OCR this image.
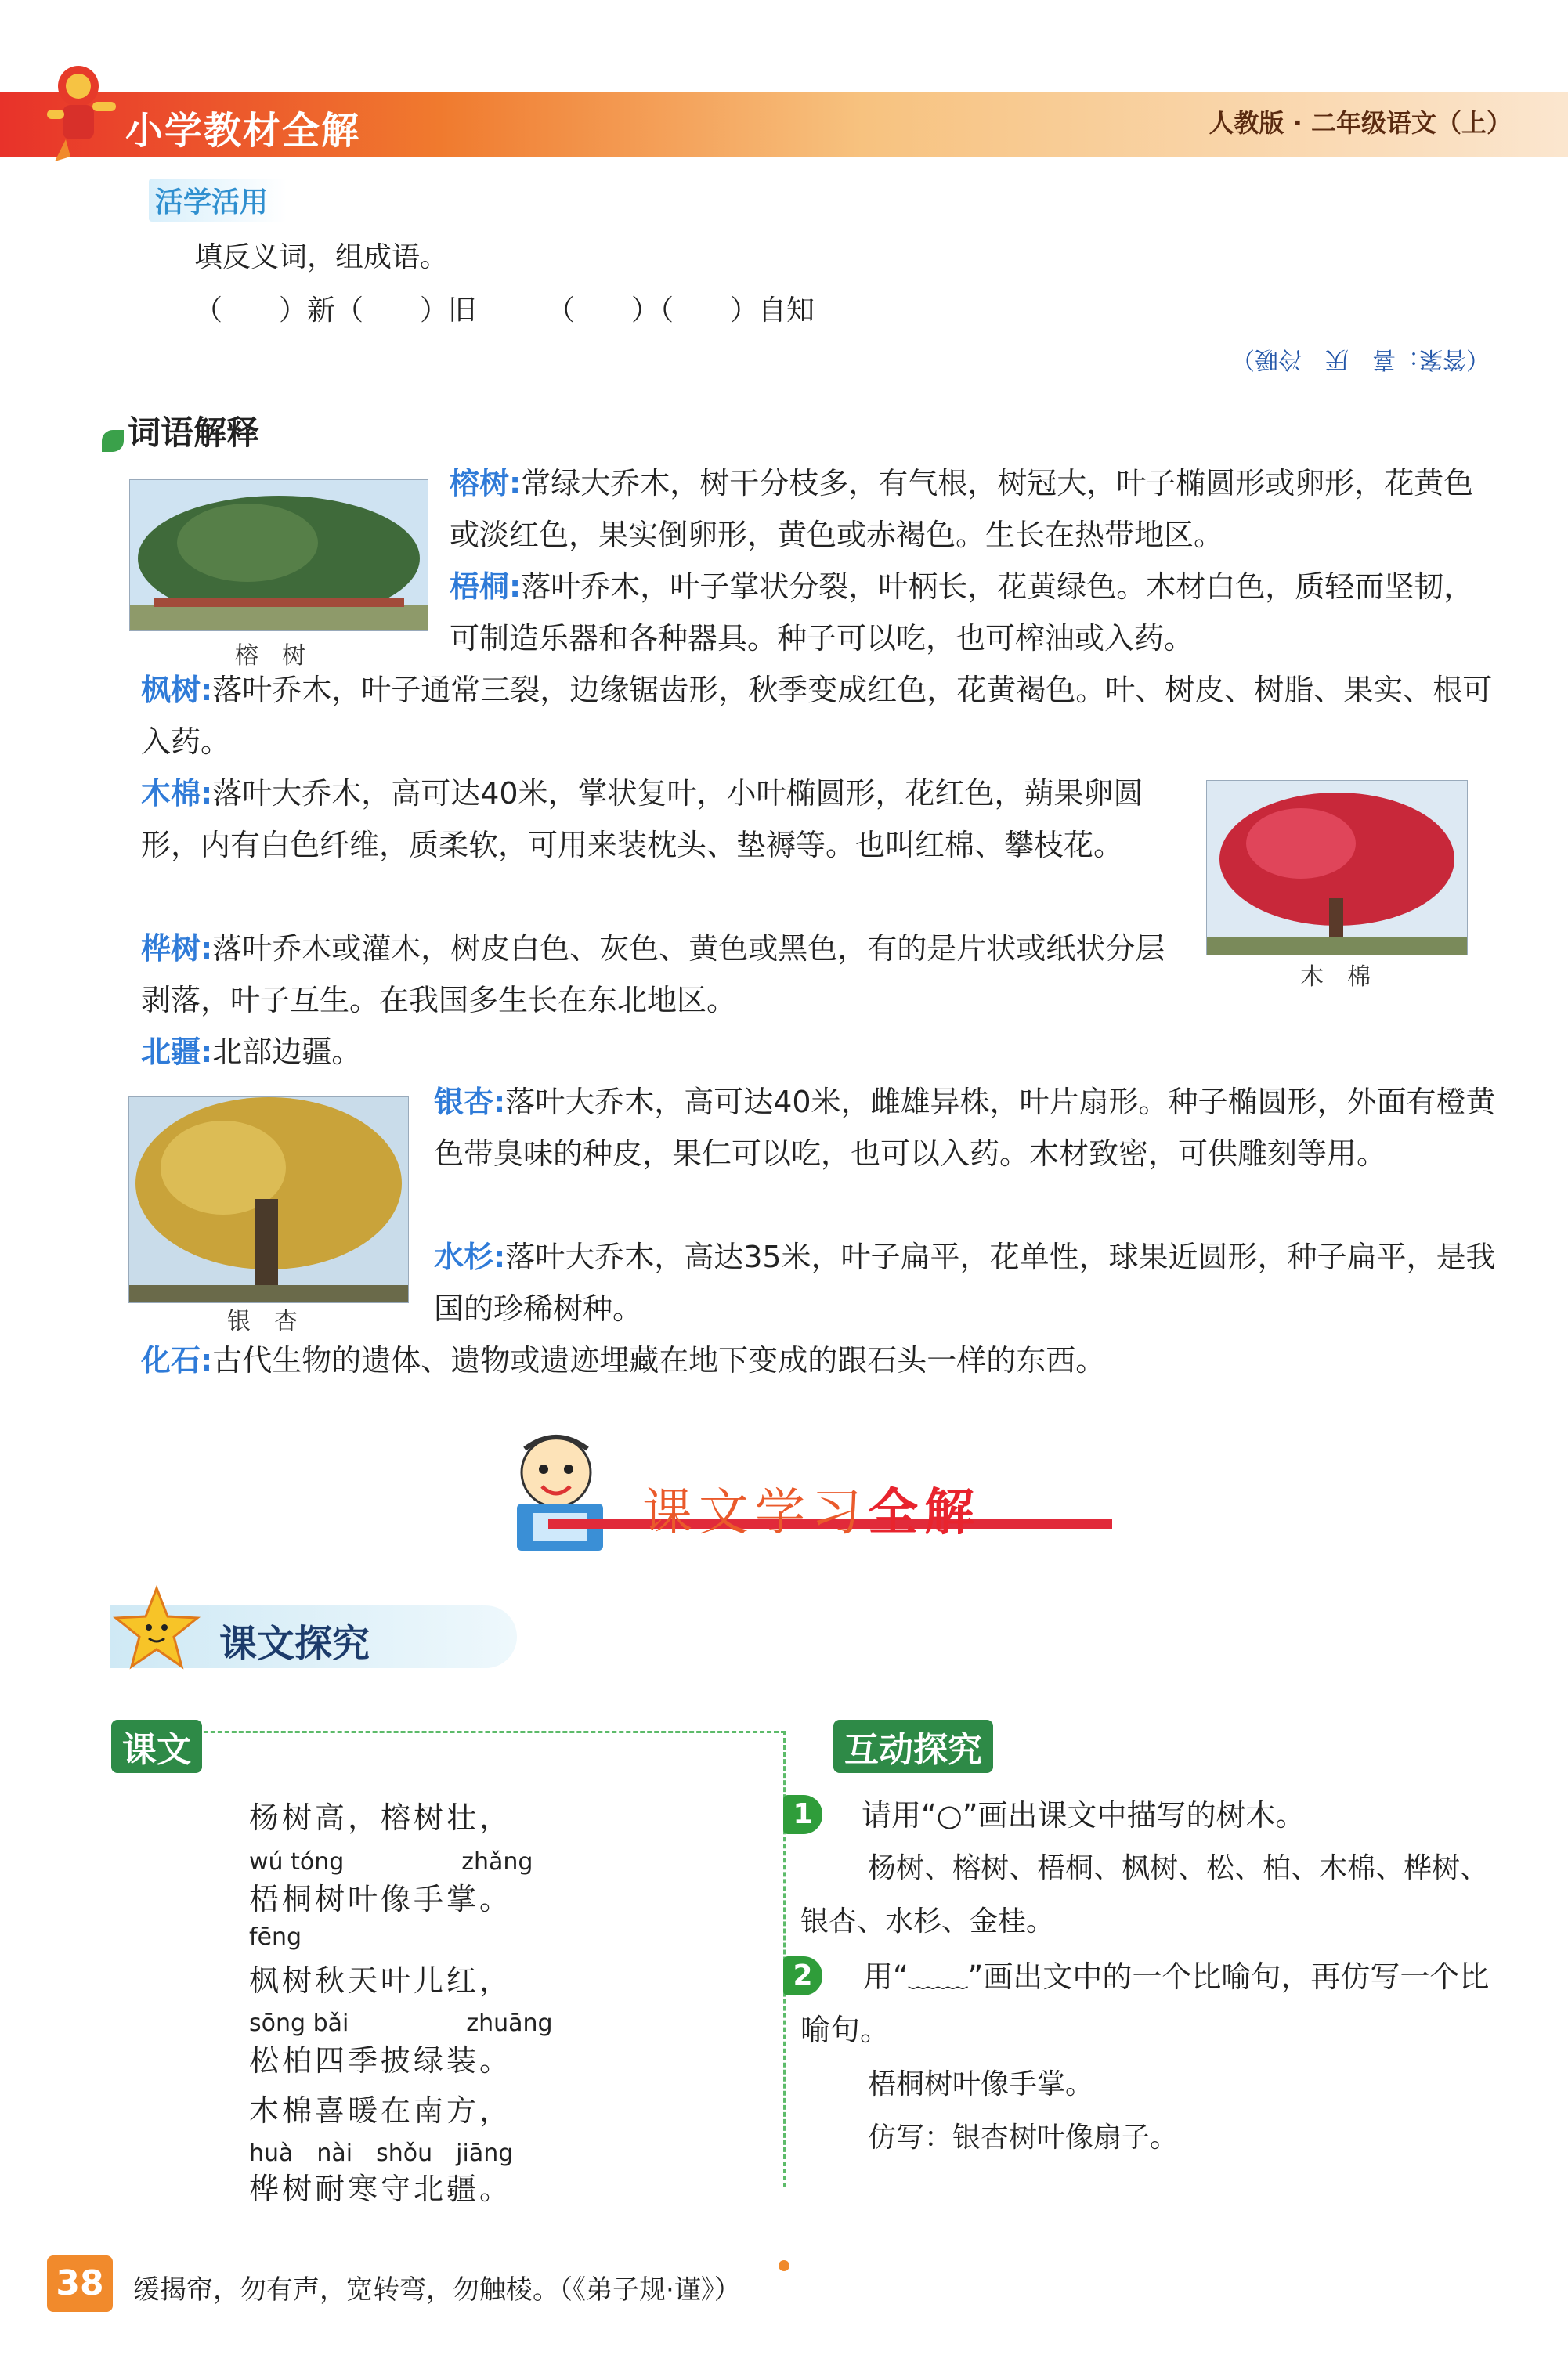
小学教材全解	人教版 · 二年级语文（上）
活学活用
填反义词，组成语。
（　　）新（　　）旧　　　（　　）（　　）自知
（答案：喜　厌　冷暖）
词语解释
榕树
榕树:常绿大乔木，树干分枝多，有气根，树冠大，叶子椭圆形或卵形，花黄色或淡红色，果实倒卵形，黄色或赤褐色。生长在热带地区。
梧桐:落叶乔木，叶子掌状分裂，叶柄长，花黄绿色。木材白色，质轻而坚韧，可制造乐器和各种器具。种子可以吃，也可榨油或入药。
枫树:落叶乔木，叶子通常三裂，边缘锯齿形，秋季变成红色，花黄褐色。叶、树皮、树脂、果实、根可入药。
木棉
木棉:落叶大乔木，高可达40米，掌状复叶，小叶椭圆形，花红色，蒴果卵圆形，内有白色纤维，质柔软，可用来装枕头、垫褥等。也叫红棉、攀枝花。
桦树:落叶乔木或灌木，树皮白色、灰色、黄色或黑色，有的是片状或纸状分层剥落，叶子互生。在我国多生长在东北地区。
北疆:北部边疆。
银杏
银杏:落叶大乔木，高可达40米，雌雄异株，叶片扇形。种子椭圆形，外面有橙黄色带臭味的种皮，果仁可以吃，也可以入药。木材致密，可供雕刻等用。
水杉:落叶大乔木，高达35米，叶子扁平，花单性，球果近圆形，种子扁平，是我国的珍稀树种。
化石:古代生物的遗体、遗物或遗迹埋藏在地下变成的跟石头一样的东西。
课文学习全解
课文探究
课文	互动探究
杨树高，榕树壮，
wú tóng　　　　　zhǎng
梧桐树叶像手掌。
fēng
枫树秋天叶儿红，
sōng bǎi　　　　　zhuāng
松柏四季披绿装。
木棉喜暖在南方，
huà　nài　shǒu　jiāng
桦树耐寒守北疆。
1	请用“○”画出课文中描写的树木。
杨树、榕树、梧桐、枫树、松、柏、木棉、桦树、银杏、水杉、金桂。
2	用“﹏﹏”画出文中的一个比喻句，再仿写一个比喻句。
梧桐树叶像手掌。
仿写：银杏树叶像扇子。
38	缓揭帘，勿有声，宽转弯，勿触棱。（《弟子规·谨》）
